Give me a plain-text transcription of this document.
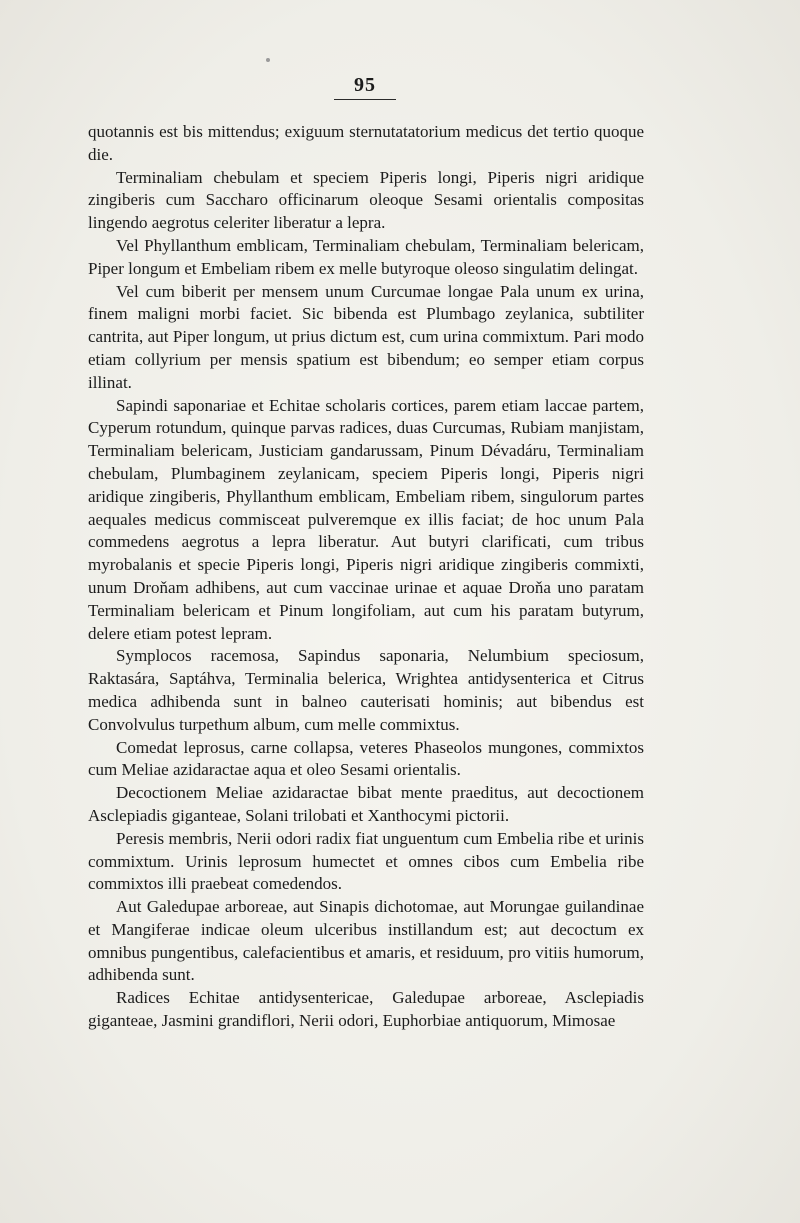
95

quotannis est bis mittendus; exiguum sternutatatorium medicus det tertio quoque die.

Terminaliam chebulam et speciem Piperis longi, Piperis nigri aridique zingiberis cum Saccharo officinarum oleoque Sesami orientalis compositas lingendo aegrotus celeriter liberatur a lepra.

Vel Phyllanthum emblicam, Terminaliam chebulam, Terminaliam belericam, Piper longum et Embeliam ribem ex melle butyroque oleoso singulatim delingat.

Vel cum biberit per mensem unum Curcumae longae Pala unum ex urina, finem maligni morbi faciet. Sic bibenda est Plumbago zeylanica, subtiliter cantrita, aut Piper longum, ut prius dictum est, cum urina commixtum. Pari modo etiam collyrium per mensis spatium est bibendum; eo semper etiam corpus illinat.

Sapindi saponariae et Echitae scholaris cortices, parem etiam laccae partem, Cyperum rotundum, quinque parvas radices, duas Curcumas, Rubiam manjistam, Terminaliam belericam, Justiciam gandarussam, Pinum Dévadáru, Terminaliam chebulam, Plumbaginem zeylanicam, speciem Piperis longi, Piperis nigri aridique zingiberis, Phyllanthum emblicam, Embeliam ribem, singulorum partes aequales medicus commisceat pulveremque ex illis faciat; de hoc unum Pala commedens aegrotus a lepra liberatur. Aut butyri clarificati, cum tribus myrobalanis et specie Piperis longi, Piperis nigri aridique zingiberis commixti, unum Droňam adhibens, aut cum vaccinae urinae et aquae Droňa uno paratam Terminaliam belericam et Pinum longifoliam, aut cum his paratam butyrum, delere etiam potest lepram.

Symplocos racemosa, Sapindus saponaria, Nelumbium speciosum, Raktasára, Saptáhva, Terminalia belerica, Wrightea antidysenterica et Citrus medica adhibenda sunt in balneo cauterisati hominis; aut bibendus est Convolvulus turpethum album, cum melle commixtus.

Comedat leprosus, carne collapsa, veteres Phaseolos mungones, commixtos cum Meliae azidaractae aqua et oleo Sesami orientalis.

Decoctionem Meliae azidaractae bibat mente praeditus, aut decoctionem Asclepiadis giganteae, Solani trilobati et Xanthocymi pictorii.

Peresis membris, Nerii odori radix fiat unguentum cum Embelia ribe et urinis commixtum. Urinis leprosum humectet et omnes cibos cum Embelia ribe commixtos illi praebeat comedendos.

Aut Galedupae arboreae, aut Sinapis dichotomae, aut Morungae guilandinae et Mangiferae indicae oleum ulceribus instillandum est; aut decoctum ex omnibus pungentibus, calefacientibus et amaris, et residuum, pro vitiis humorum, adhibenda sunt.

Radices Echitae antidysentericae, Galedupae arboreae, Asclepiadis giganteae, Jasmini grandiflori, Nerii odori, Euphorbiae antiquorum, Mimosae
